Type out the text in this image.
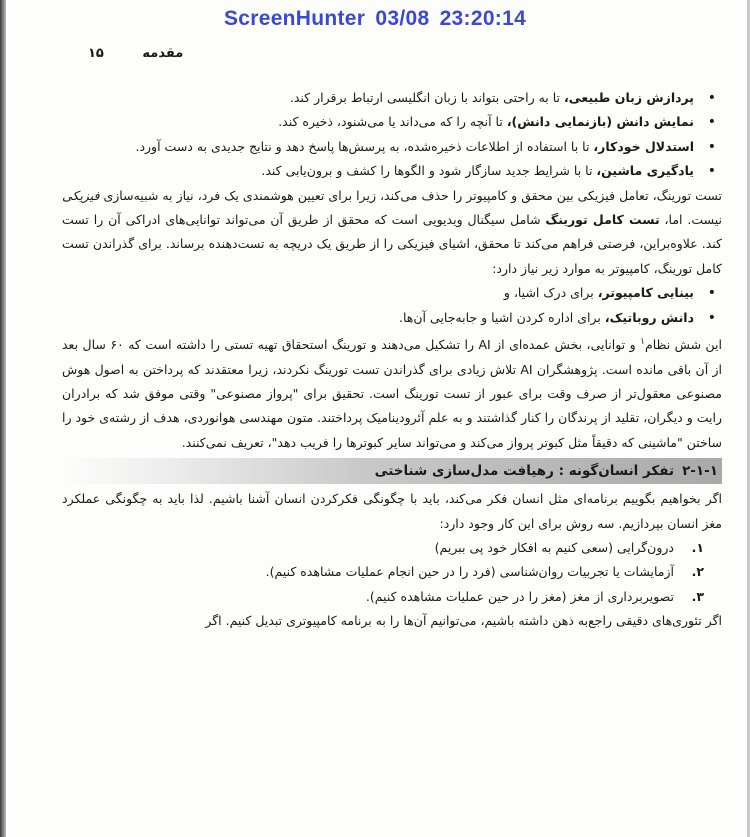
ScreenHunter 03/08 23:20:14
مقدمه ۱۵
• پردازش زبان طبیعی، تا به راحتی بتواند با زبان انگلیسی ارتباط برقرار کند.
• نمایش دانش (بازنمایی دانش)، تا آنچه را که می‌داند یا می‌شنود، ذخیره کند.
• استدلال خودکار، تا با استفاده از اطلاعات ذخیره‌شده، به پرسش‌ها پاسخ دهد و نتایج جدیدی به دست آورد.
• یادگیری ماشین، تا با شرایط جدید سازگار شود و الگوها را کشف و برون‌یابی کند.

تست تورینگ، تعامل فیزیکی بین محقق و کامپیوتر را حذف می‌کند، زیرا برای تعیین هوشمندی یک فرد، نیاز به شبیه‌سازی فیزیکی نیست. اما، تست کامل تورینگ شامل سیگنال ویدیویی است که محقق از طریق آن می‌تواند توانایی‌های ادراکی آن را تست کند. علاوه‌براین، فرصتی فراهم می‌کند تا محقق، اشیای فیزیکی را از طریق یک دریچه به تست‌دهنده برساند. برای گذراندن تست کامل تورینگ، کامپیوتر به موارد زیر نیاز دارد:

• بینایی کامپیوتر، برای درک اشیا، و
• دانش روباتیک، برای اداره کردن اشیا و جابه‌جایی آن‌ها.

این شش نظام$^۱$ و توانایی، بخش عمده‌ای از AI را تشکیل می‌دهند و تورینگ استحقاق تهیه تستی را داشته است که ۶۰ سال بعد از آن باقی مانده است. پژوهشگران AI تلاش زیادی برای گذراندن تست تورینگ نکردند، زیرا معتقدند که پرداختن به اصول هوش مصنوعی معقول‌تر از صرف وقت برای عبور از تست تورینگ است. تحقیق برای "پرواز مصنوعی" وقتی موفق شد که برادران رایت و دیگران، تقلید از پرندگان را کنار گذاشتند و به علم آئرودینامیک پرداختند. متون مهندسی هوانوردی، هدف از رشته‌ی خود را ساختن "ماشینی که دقیقاً مثل کبوتر پرواز می‌کند و می‌تواند سایر کبوترها را فریب دهد"، تعریف نمی‌کنند.

۲-۱-۱تفکر انسان‌گونه : رهیافت مدل‌سازی شناختی

اگر بخواهیم بگوییم برنامه‌ای مثل انسان فکر می‌کند، باید با چگونگی فکرکردن انسان آشنا باشیم. لذا باید به چگونگی عملکرد مغز انسان بپردازیم. سه روش برای این کار وجود دارد:

۱.
درون‌گرایی (سعی کنیم به افکار خود پی ببریم)
۲.
آزمایشات یا تجربیات روان‌شناسی (فرد را در حین انجام عملیات مشاهده کنیم).
۳.
تصویربرداری از مغز (مغز را در حین عملیات مشاهده کنیم).

اگر تئوری‌های دقیقی راجع‌به ذهن داشته باشیم، می‌توانیم آن‌ها را به برنامه کامپیوتری تبدیل کنیم. اگر
